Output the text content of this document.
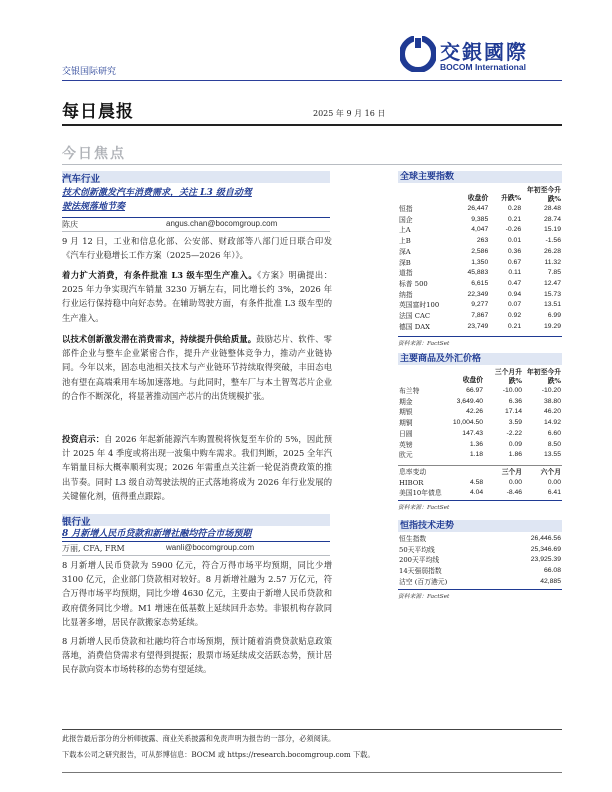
交銀國際
BOCOM International
交银国际研究
每日晨报	2025 年 9 月 16 日
今日焦点
汽车行业
技术创新激发汽车消费需求，关注 L3 级自动驾
驶法规落地节奏
陈庆	angus.chan@bocomgroup.com
9 月 12 日，工业和信息化部、公安部、财政部等八部门近日联合印发《汽车行业稳增长工作方案（2025—2026 年）》。
着力扩大消费，有条件批准 L3 级车型生产准入。《方案》明确提出：2025 年力争实现汽车销量 3230 万辆左右，同比增长约 3%，2026 年行业运行保持稳中向好态势。在辅助驾驶方面，有条件批准 L3 级车型的生产准入。
以技术创新激发潜在消费需求，持续提升供给质量。鼓励芯片、软件、零部件企业与整车企业紧密合作，提升产业链整体竞争力，推动产业链协同。今年以来，固态电池相关技术与产业链环节持续取得突破，丰田态电池有望在高端乘用车场加速落地。与此同时，整车厂与本土智驾芯片企业的合作不断深化，将显著推动国产芯片的出货规模扩张。
投资启示：自 2026 年起新能源汽车购置税将恢复至车价的 5%，因此预计 2025 年 4 季度或将出现一波集中购车需求。我们判断，2025 全年汽车销量目标大概率顺利实现；2026 年需重点关注新一轮促消费政策的推出节奏。同时 L3 级自动驾驶法规的正式落地将成为 2026 年行业发展的关键催化剂，值得重点跟踪。
银行业
8 月新增人民币贷款和新增社融均符合市场预期
万丽, CFA, FRM	wanli@bocomgroup.com
8 月新增人民币贷款为 5900 亿元，符合万得市场平均预期，同比少增 3100 亿元，企业部门贷款相对较好。8 月新增社融为 2.57 万亿元，符合万得市场平均预期，同比少增 4630 亿元，主要由于新增人民币贷款和政府债务同比少增。M1 增速在低基数上延续回升态势。非银机构存款同比显著多增，居民存款搬家态势延续。
8 月新增人民币贷款和社融均符合市场预期，预计随着消费贷款贴息政策落地，消费信贷需求有望得到提振；股票市场延续成交活跃态势，预计居民存款向资本市场转移的态势有望延续。
全球主要指数
	收盘价	升跌%	年初至今升跌%
恒指	26,447	0.28	28.48
国企	9,385	0.21	28.74
上A	4,047	-0.26	15.19
上B	263	0.01	-1.56
深A	2,586	0.36	26.28
深B	1,350	0.67	11.32
道指	45,883	0.11	7.85
标普 500	6,615	0.47	12.47
纳指	22,349	0.94	15.73
英国富时100	9,277	0.07	13.51
法国 CAC	7,867	0.92	6.99
德国 DAX	23,749	0.21	19.29
资料来源：FactSet
主要商品及外汇价格
	收盘价	三个月升跌%	年初至今升跌%
布兰特	66.97	-10.00	-10.20
期金	3,649.40	6.36	38.80
期银	42.26	17.14	46.20
期铜	10,004.50	3.59	14.92
日圆	147.43	-2.22	6.60
英镑	1.36	0.09	8.50
欧元	1.18	1.86	13.55
息率变动		三个月	六个月
HIBOR	4.58	0.00	0.00
美国10年债息	4.04	-8.46	6.41
资料来源：FactSet
恒指技术走势
恒生指数	26,446.56
50天平均线	25,346.69
200天平均线	23,925.39
14天强弱指数	66.08
沽空 (百万港元)	42,885
资料来源：FactSet
此报告最后部分的分析师披露、商业关系披露和免责声明为报告的一部分，必须阅读。
下载本公司之研究报告，可从彭博信息：BOCM 或 https://research.bocomgroup.com 下载。
